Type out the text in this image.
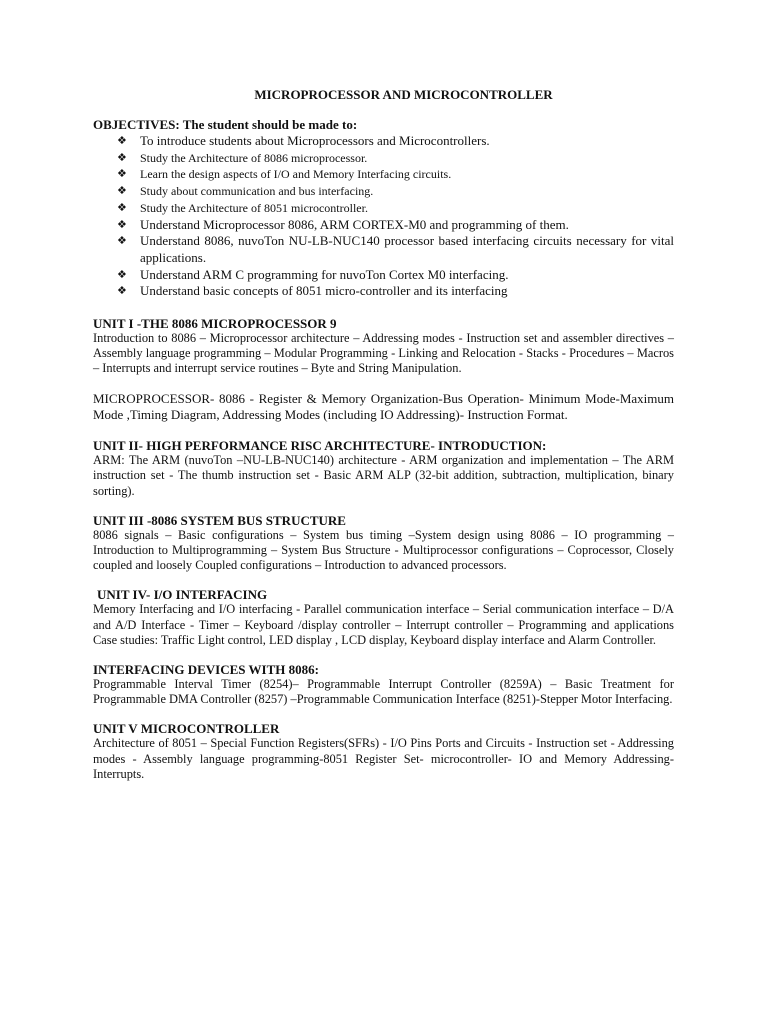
MICROPROCESSOR AND MICROCONTROLLER

OBJECTIVES: The student should be made to:

❖ To introduce students about Microprocessors and Microcontrollers.
❖ Study the Architecture of 8086 microprocessor.
❖ Learn the design aspects of I/O and Memory Interfacing circuits.
❖ Study about communication and bus interfacing.
❖ Study the Architecture of 8051 microcontroller.
❖ Understand Microprocessor 8086, ARM CORTEX-M0 and programming of them.
❖ Understand 8086, nuvoTon NU-LB-NUC140 processor based interfacing circuits necessary for vital applications.
❖ Understand ARM C programming for nuvoTon Cortex M0 interfacing.
❖ Understand basic concepts of 8051 micro-controller and its interfacing

UNIT I -THE 8086 MICROPROCESSOR 9

Introduction to 8086 – Microprocessor architecture – Addressing modes - Instruction set and assembler directives – Assembly language programming – Modular Programming - Linking and Relocation - Stacks - Procedures – Macros – Interrupts and interrupt service routines – Byte and String Manipulation.

MICROPROCESSOR- 8086 - Register & Memory Organization-Bus Operation- Minimum Mode-Maximum Mode ,Timing Diagram, Addressing Modes (including IO Addressing)- Instruction Format.

UNIT II- HIGH PERFORMANCE RISC ARCHITECTURE- INTRODUCTION:

ARM: The ARM (nuvoTon –NU-LB-NUC140) architecture - ARM organization and implementation – The ARM instruction set - The thumb instruction set - Basic ARM ALP (32-bit addition, subtraction, multiplication, binary sorting).

UNIT III -8086 SYSTEM BUS STRUCTURE

8086 signals – Basic configurations – System bus timing –System design using 8086 – IO programming – Introduction to Multiprogramming – System Bus Structure - Multiprocessor configurations – Coprocessor, Closely coupled and loosely Coupled configurations – Introduction to advanced processors.

UNIT IV- I/O INTERFACING

Memory Interfacing and I/O interfacing - Parallel communication interface – Serial communication interface – D/A and A/D Interface - Timer – Keyboard /display controller – Interrupt controller – Programming and applications Case studies: Traffic Light control, LED display , LCD display, Keyboard display interface and Alarm Controller.

INTERFACING DEVICES WITH 8086:

Programmable Interval Timer (8254)– Programmable Interrupt Controller (8259A) – Basic Treatment for Programmable DMA Controller (8257) –Programmable Communication Interface (8251)-Stepper Motor Interfacing.

UNIT V MICROCONTROLLER

Architecture of 8051 – Special Function Registers(SFRs) - I/O Pins Ports and Circuits - Instruction set - Addressing modes - Assembly language programming-8051 Register Set- microcontroller- IO and Memory Addressing-Interrupts.
